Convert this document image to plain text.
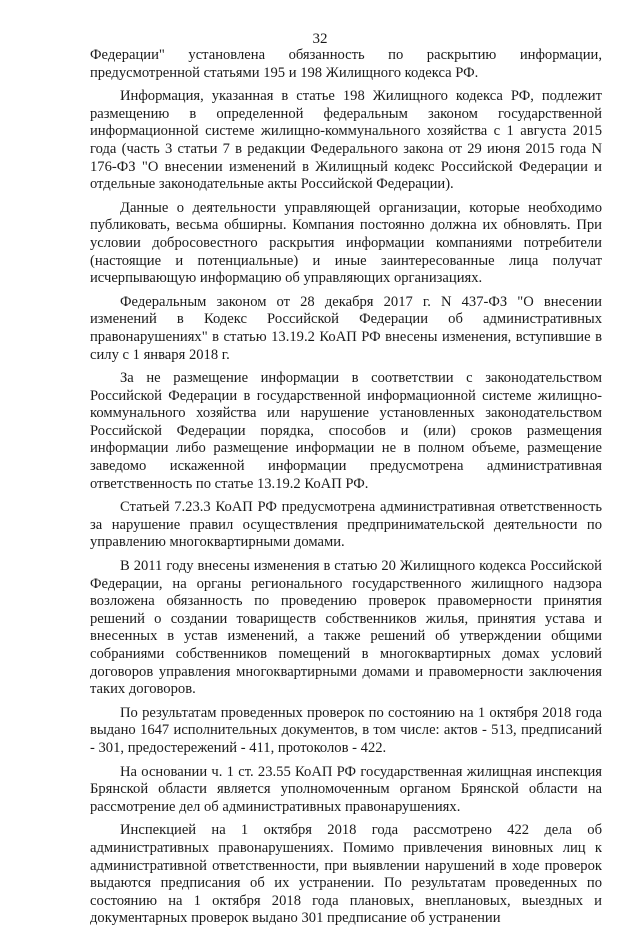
32

Федерации" установлена обязанность по раскрытию информации, предусмотренной статьями 195 и 198 Жилищного кодекса РФ.

Информация, указанная в статье 198 Жилищного кодекса РФ, подлежит размещению в определенной федеральным законом государственной информационной системе жилищно-коммунального хозяйства с 1 августа 2015 года (часть 3 статьи 7 в редакции Федерального закона от 29 июня 2015 года N 176-ФЗ "О внесении изменений в Жилищный кодекс Российской Федерации и отдельные законодательные акты Российской Федерации).

Данные о деятельности управляющей организации, которые необходимо публиковать, весьма обширны. Компания постоянно должна их обновлять. При условии добросовестного раскрытия информации компаниями потребители (настоящие и потенциальные) и иные заинтересованные лица получат исчерпывающую информацию об управляющих организациях.

Федеральным законом от 28 декабря 2017 г. N 437-ФЗ "О внесении изменений в Кодекс Российской Федерации об административных правонарушениях" в статью 13.19.2 КоАП РФ внесены изменения, вступившие в силу с 1 января 2018 г.

За не размещение информации в соответствии с законодательством Российской Федерации в государственной информационной системе жилищно-коммунального хозяйства или нарушение установленных законодательством Российской Федерации порядка, способов и (или) сроков размещения информации либо размещение информации не в полном объеме, размещение заведомо искаженной информации предусмотрена административная ответственность по статье 13.19.2 КоАП РФ.

Статьей 7.23.3 КоАП РФ предусмотрена административная ответственность за нарушение правил осуществления предпринимательской деятельности по управлению многоквартирными домами.

В 2011 году внесены изменения в статью 20 Жилищного кодекса Российской Федерации, на органы регионального государственного жилищного надзора возложена обязанность по проведению проверок правомерности принятия решений о создании товариществ собственников жилья, принятия устава и внесенных в устав изменений, а также решений об утверждении общими собраниями собственников помещений в многоквартирных домах условий договоров управления многоквартирными домами и правомерности заключения таких договоров.

По результатам проведенных проверок по состоянию на 1 октября 2018 года выдано 1647 исполнительных документов, в том числе: актов - 513, предписаний - 301, предостережений - 411, протоколов - 422.

На основании ч. 1 ст. 23.55 КоАП РФ государственная жилищная инспекция Брянской области является уполномоченным органом Брянской области на рассмотрение дел об административных правонарушениях.

Инспекцией на 1 октября 2018 года рассмотрено 422 дела об административных правонарушениях. Помимо привлечения виновных лиц к административной ответственности, при выявлении нарушений в ходе проверок выдаются предписания об их устранении. По результатам проведенных по состоянию на 1 октября 2018 года плановых, внеплановых, выездных и документарных проверок выдано 301 предписание об устранении
